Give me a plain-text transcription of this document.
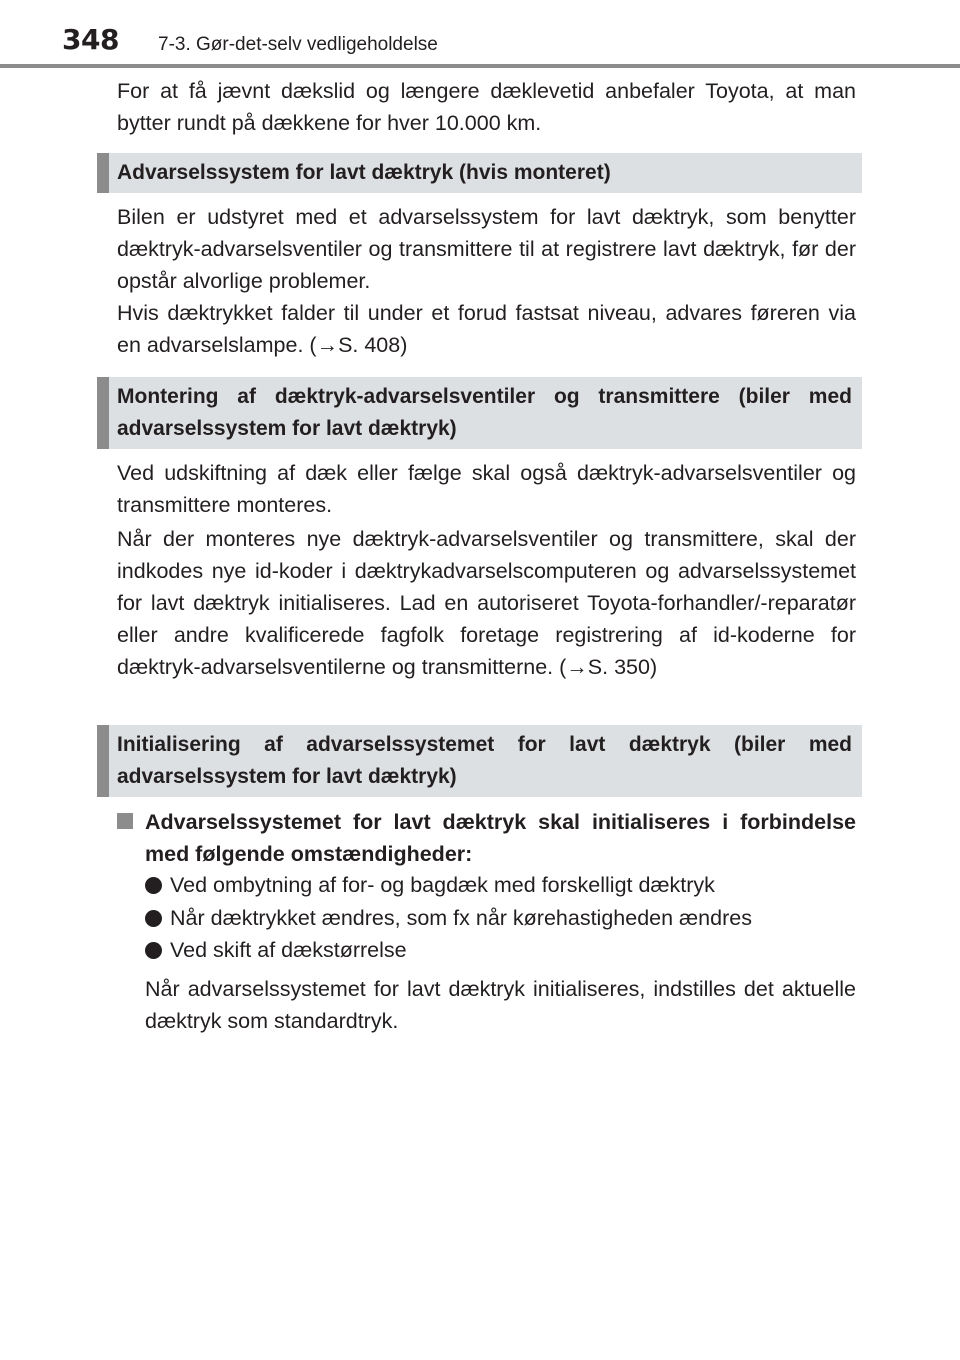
348 7-3. Gør-det-selv vedligeholdelse

For at få jævnt dækslid og længere dæklevetid anbefaler Toyota, at man bytter rundt på dækkene for hver 10.000 km.

Advarselssystem for lavt dæktryk (hvis monteret)

Bilen er udstyret med et advarselssystem for lavt dæktryk, som benytter dæktryk-advarselsventiler og transmittere til at registrere lavt dæktryk, før der opstår alvorlige problemer.

Hvis dæktrykket falder til under et forud fastsat niveau, advares føreren via en advarselslampe. (→S. 408)

Montering af dæktryk-advarselsventiler og transmittere (biler med advarselssystem for lavt dæktryk)

Ved udskiftning af dæk eller fælge skal også dæktryk-advarselsventiler og transmittere monteres.

Når der monteres nye dæktryk-advarselsventiler og transmittere, skal der indkodes nye id-koder i dæktrykadvarselscomputeren og advarselssystemet for lavt dæktryk initialiseres. Lad en autoriseret Toyota-forhandler/-reparatør eller andre kvalificerede fagfolk foretage registrering af id-koderne for dæktryk-advarselsventilerne og transmitterne. (→S. 350)

Initialisering af advarselssystemet for lavt dæktryk (biler med advarselssystem for lavt dæktryk)
Advarselssystemet for lavt dæktryk skal initialiseres i forbindelse med følgende omstændigheder:
Ved ombytning af for- og bagdæk med forskelligt dæktryk
Når dæktrykket ændres, som fx når kørehastigheden ændres
Ved skift af dækstørrelse

Når advarselssystemet for lavt dæktryk initialiseres, indstilles det aktuelle dæktryk som standardtryk.
